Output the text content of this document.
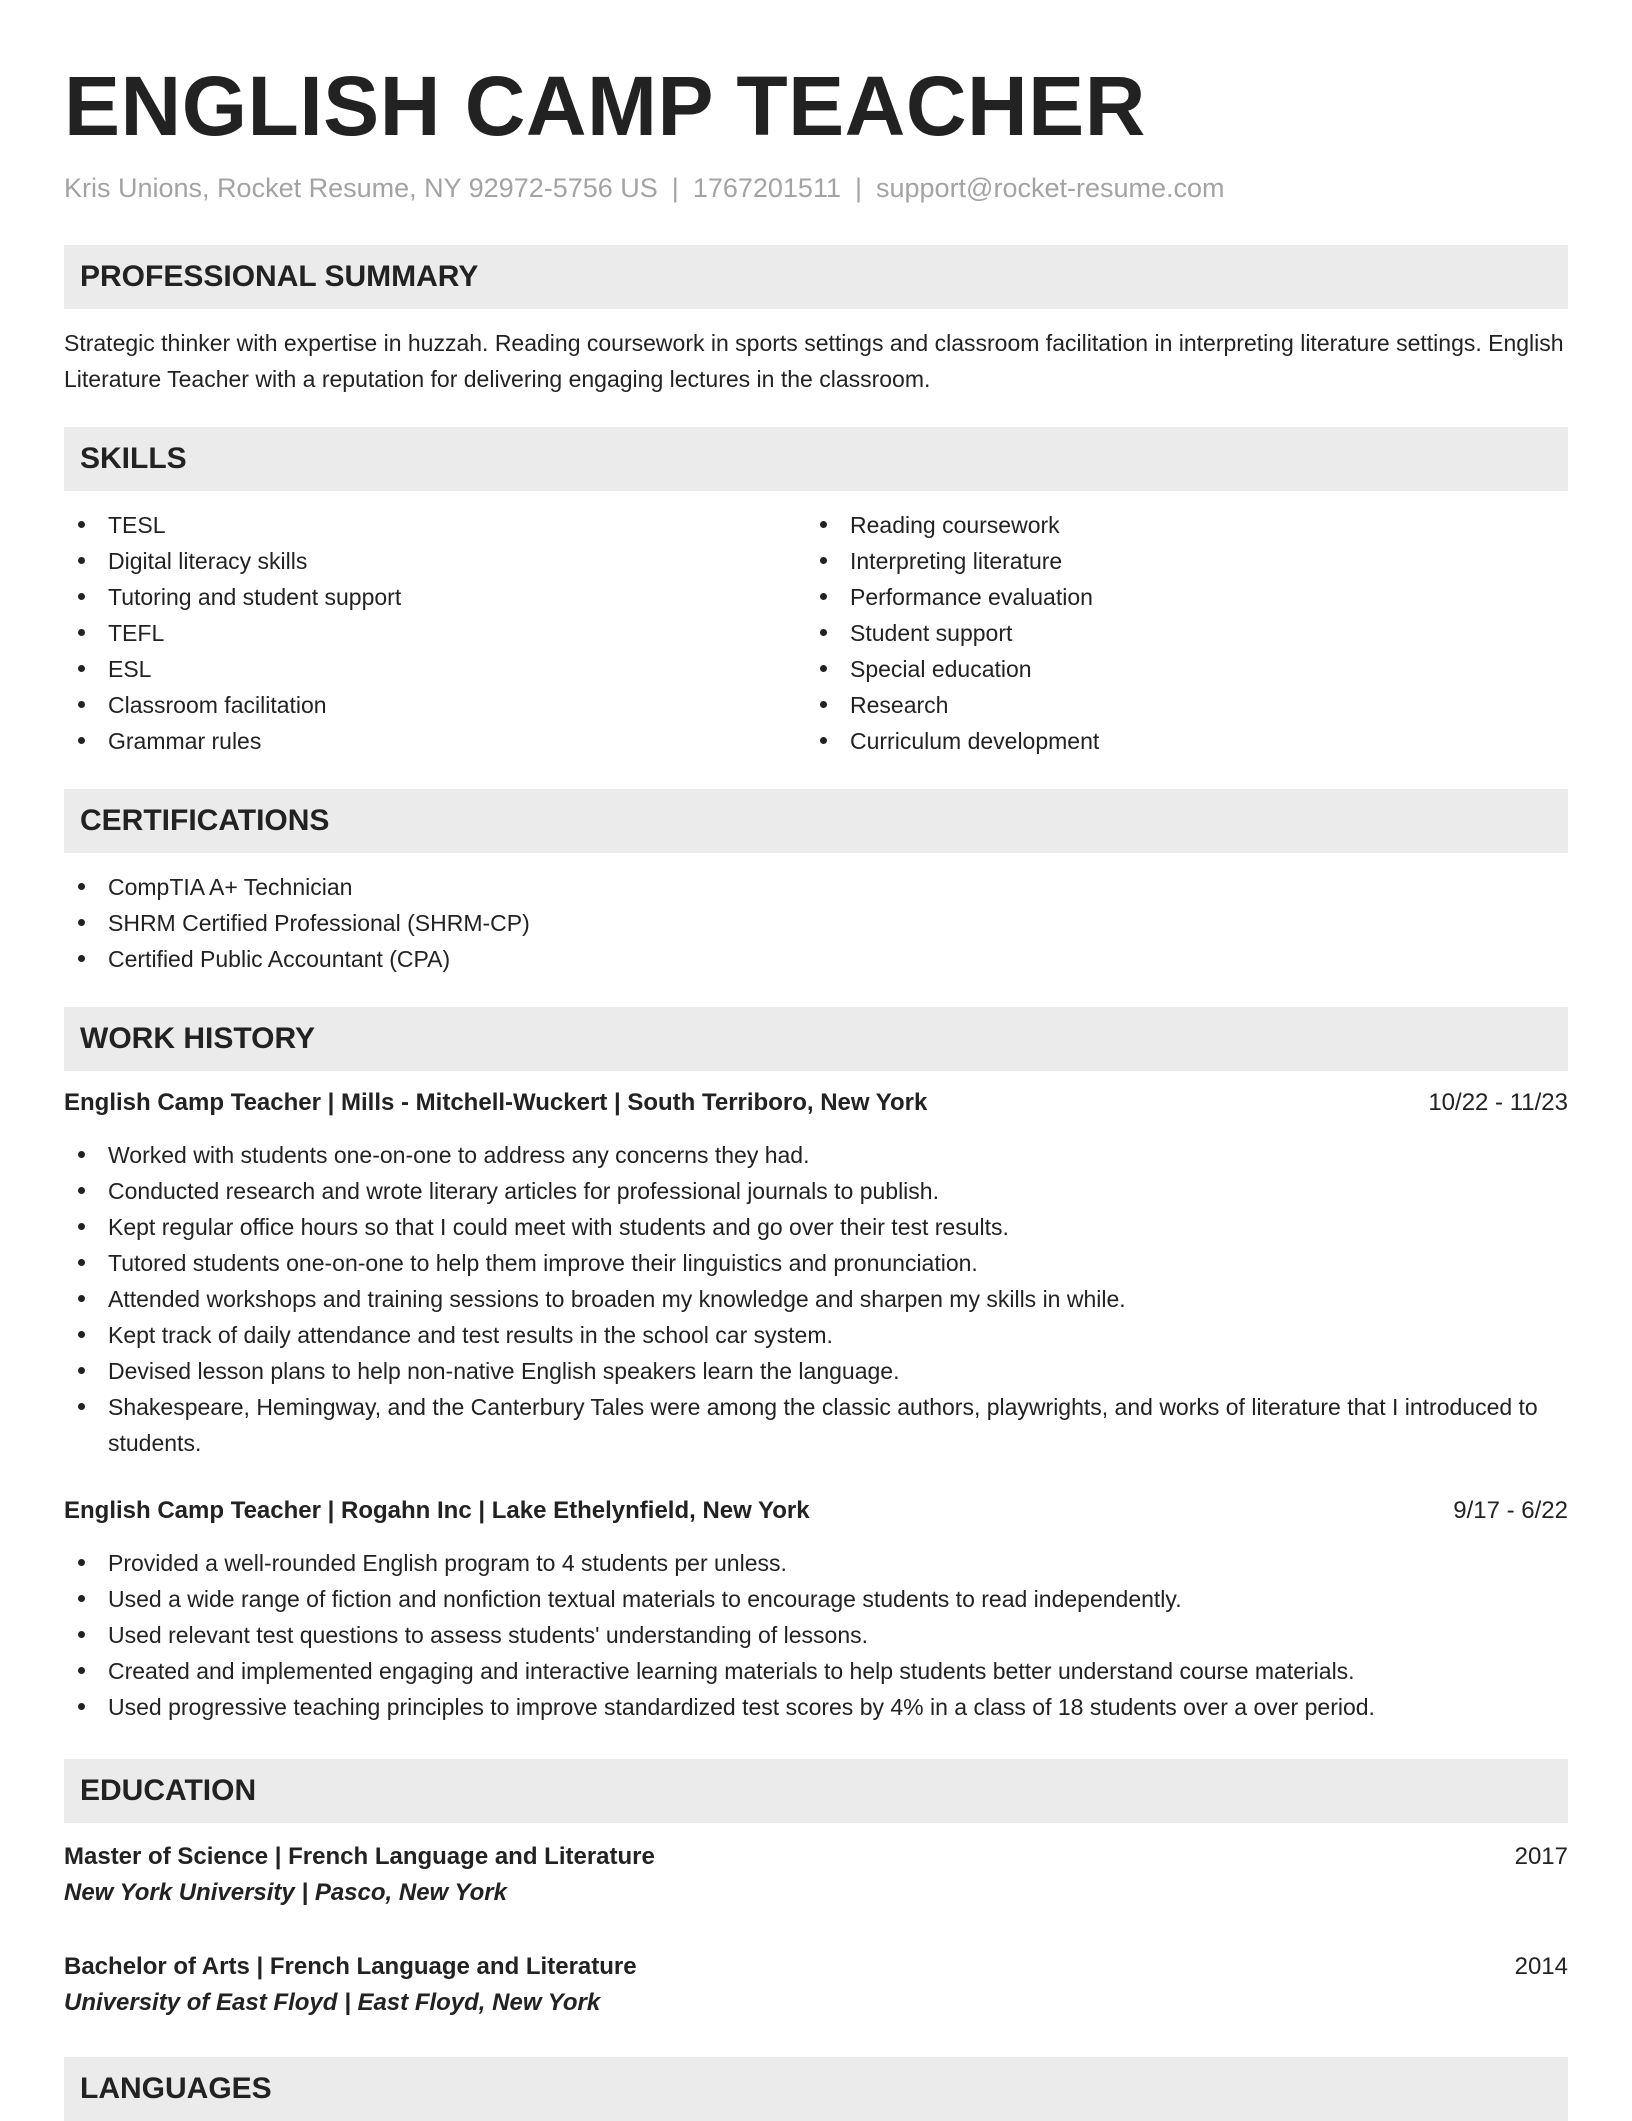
ENGLISH CAMP TEACHER
Kris Unions, Rocket Resume, NY 92972-5756 US | 1767201511 | support@rocket-resume.com
PROFESSIONAL SUMMARY

Strategic thinker with expertise in huzzah. Reading coursework in sports settings and classroom facilitation in interpreting literature settings. English Literature Teacher with a reputation for delivering engaging lectures in the classroom.

SKILLS
TESL
Digital literacy skills
Tutoring and student support
TEFL
ESL
Classroom facilitation
Grammar rules
Reading coursework
Interpreting literature
Performance evaluation
Student support
Special education
Research
Curriculum development
CERTIFICATIONS
CompTIA A+ Technician
SHRM Certified Professional (SHRM-CP)
Certified Public Accountant (CPA)
WORK HISTORY
English Camp Teacher | Mills - Mitchell-Wuckert | South Terriboro, New York	10/22 - 11/23
Worked with students one-on-one to address any concerns they had.
Conducted research and wrote literary articles for professional journals to publish.
Kept regular office hours so that I could meet with students and go over their test results.
Tutored students one-on-one to help them improve their linguistics and pronunciation.
Attended workshops and training sessions to broaden my knowledge and sharpen my skills in while.
Kept track of daily attendance and test results in the school car system.
Devised lesson plans to help non-native English speakers learn the language.
Shakespeare, Hemingway, and the Canterbury Tales were among the classic authors, playwrights, and works of literature that I introduced to students.
English Camp Teacher | Rogahn Inc | Lake Ethelynfield, New York	9/17 - 6/22
Provided a well-rounded English program to 4 students per unless.
Used a wide range of fiction and nonfiction textual materials to encourage students to read independently.
Used relevant test questions to assess students' understanding of lessons.
Created and implemented engaging and interactive learning materials to help students better understand course materials.
Used progressive teaching principles to improve standardized test scores by 4% in a class of 18 students over a over period.
EDUCATION
Master of Science | French Language and Literature	2017
New York University | Pasco, New York
Bachelor of Arts | French Language and Literature	2014
University of East Floyd | East Floyd, New York
LANGUAGES
